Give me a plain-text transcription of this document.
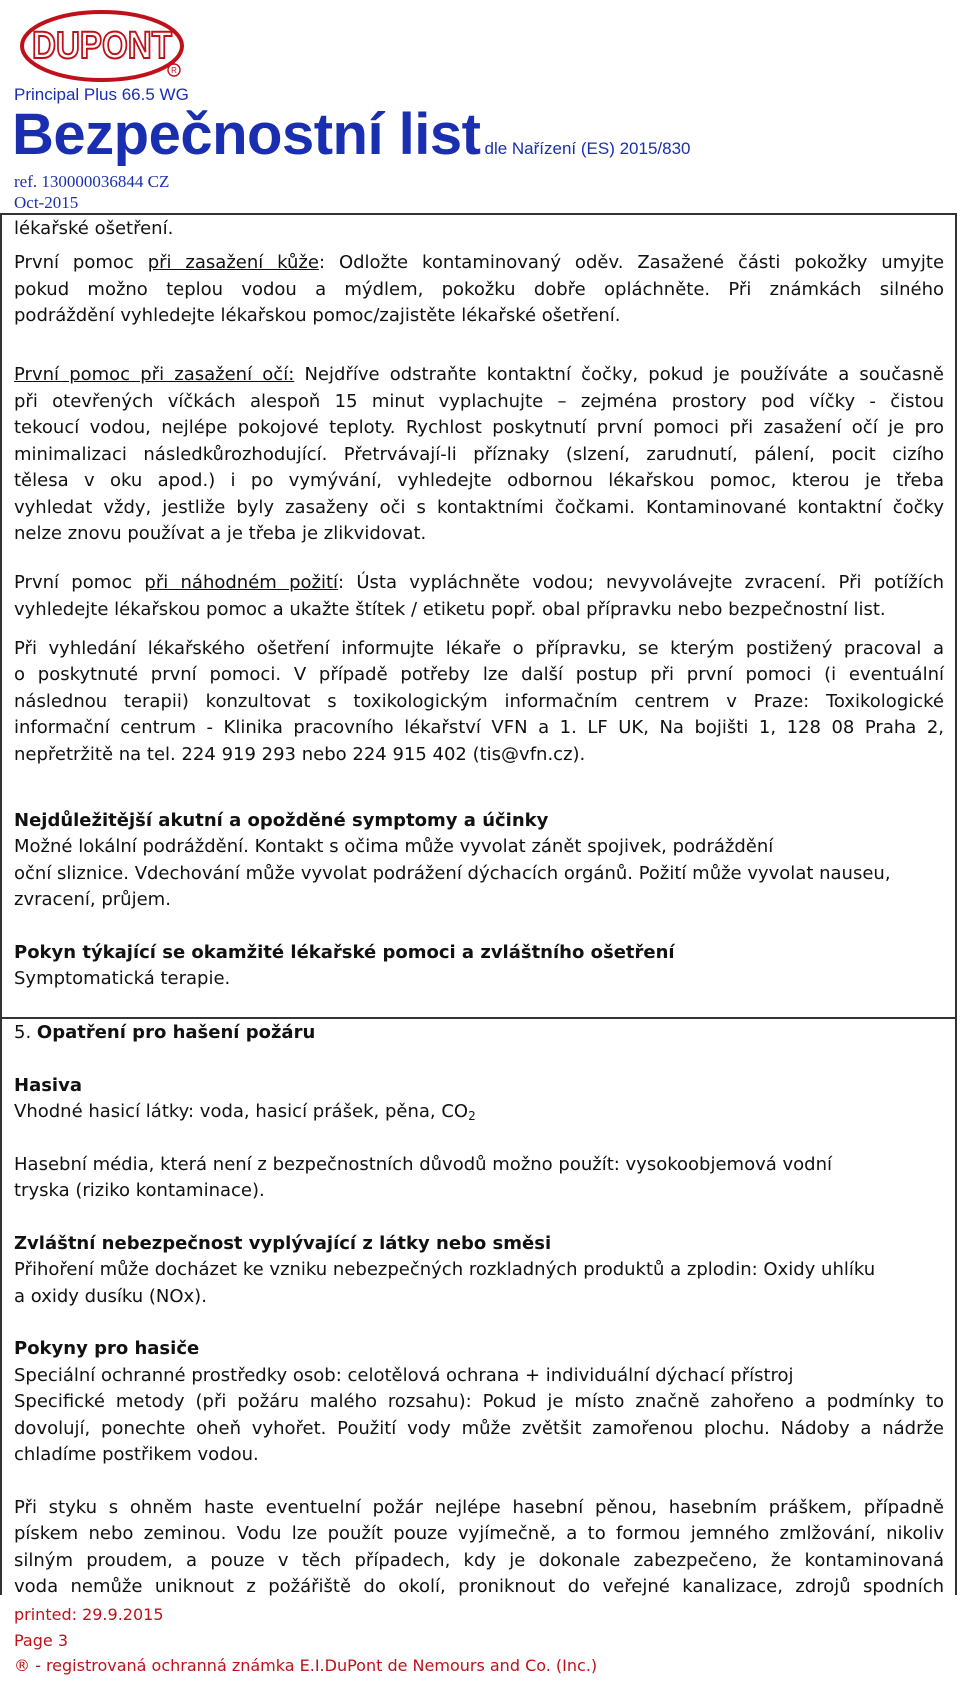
DUPONT
R
Principal Plus 66.5 WG
Bezpečnostní list dle Nařízení (ES) 2015/830
ref. 130000036844 CZ
Oct-2015
lékařské ošetření.
První pomoc při zasažení kůže: Odložte kontaminovaný oděv. Zasažené části pokožky umyjte
pokud možno teplou vodou a mýdlem, pokožku dobře opláchněte. Při známkách silného
podráždění vyhledejte lékařskou pomoc/zajistěte lékařské ošetření.
První pomoc při zasažení očí: Nejdříve odstraňte kontaktní čočky, pokud je používáte a současně
při otevřených víčkách alespoň 15 minut vyplachujte – zejména prostory pod víčky - čistou
tekoucí vodou, nejlépe pokojové teploty. Rychlost poskytnutí první pomoci při zasažení očí je pro
minimalizaci následkůrozhodující. Přetrvávají-li příznaky (slzení, zarudnutí, pálení, pocit cizího
tělesa v oku apod.) i po vymývání, vyhledejte odbornou lékařskou pomoc, kterou je třeba
vyhledat vždy, jestliže byly zasaženy oči s kontaktními čočkami. Kontaminované kontaktní čočky
nelze znovu používat a je třeba je zlikvidovat.
První pomoc při náhodném požití: Ústa vypláchněte vodou; nevyvolávejte zvracení. Při potížích
vyhledejte lékařskou pomoc a ukažte štítek / etiketu popř. obal přípravku nebo bezpečnostní list.
Při vyhledání lékařského ošetření informujte lékaře o přípravku, se kterým postižený pracoval a
o poskytnuté první pomoci. V případě potřeby lze další postup při první pomoci (i eventuální
následnou terapii) konzultovat s toxikologickým informačním centrem v Praze: Toxikologické
informační centrum - Klinika pracovního lékařství VFN a 1. LF UK, Na bojišti 1, 128 08 Praha 2,
nepřetržitě na tel. 224 919 293 nebo 224 915 402 (tis@vfn.cz).
Nejdůležitější akutní a opožděné symptomy a účinky
Možné lokální podráždění. Kontakt s očima může vyvolat zánět spojivek, podráždění
oční sliznice. Vdechování může vyvolat podrážení dýchacích orgánů. Požití může vyvolat nauseu,
zvracení, průjem.
Pokyn týkající se okamžité lékařské pomoci a zvláštního ošetření
Symptomatická terapie.
5. Opatření pro hašení požáru
Hasiva
Vhodné hasicí látky: voda, hasicí prášek, pěna, $CO_2$
Hasební média, která není z bezpečnostních důvodů možno použít: vysokoobjemová vodní
tryska (riziko kontaminace).
Zvláštní nebezpečnost vyplývající z látky nebo směsi
Přihoření může docházet ke vzniku nebezpečných rozkladných produktů a zplodin: Oxidy uhlíku
a oxidy dusíku (NOx).
Pokyny pro hasiče
Speciální ochranné prostředky osob: celotělová ochrana + individuální dýchací přístroj
Specifické metody (při požáru malého rozsahu): Pokud je místo značně zahořeno a podmínky to
dovolují, ponechte oheň vyhořet. Použití vody může zvětšit zamořenou plochu. Nádoby a nádrže
chladíme postřikem vodou.
Při styku s ohněm haste eventuelní požár nejlépe hasební pěnou, hasebním práškem, případně
pískem nebo zeminou. Vodu lze použít pouze vyjímečně, a to formou jemného zmlžování, nikoliv
silným proudem, a pouze v těch případech, kdy je dokonale zabezpečeno, že kontaminovaná
voda nemůže uniknout z požářiště do okolí, proniknout do veřejné kanalizace, zdrojů spodních
printed: 29.9.2015
Page 3
® - registrovaná ochranná známka E.I.DuPont de Nemours and Co. (Inc.)
